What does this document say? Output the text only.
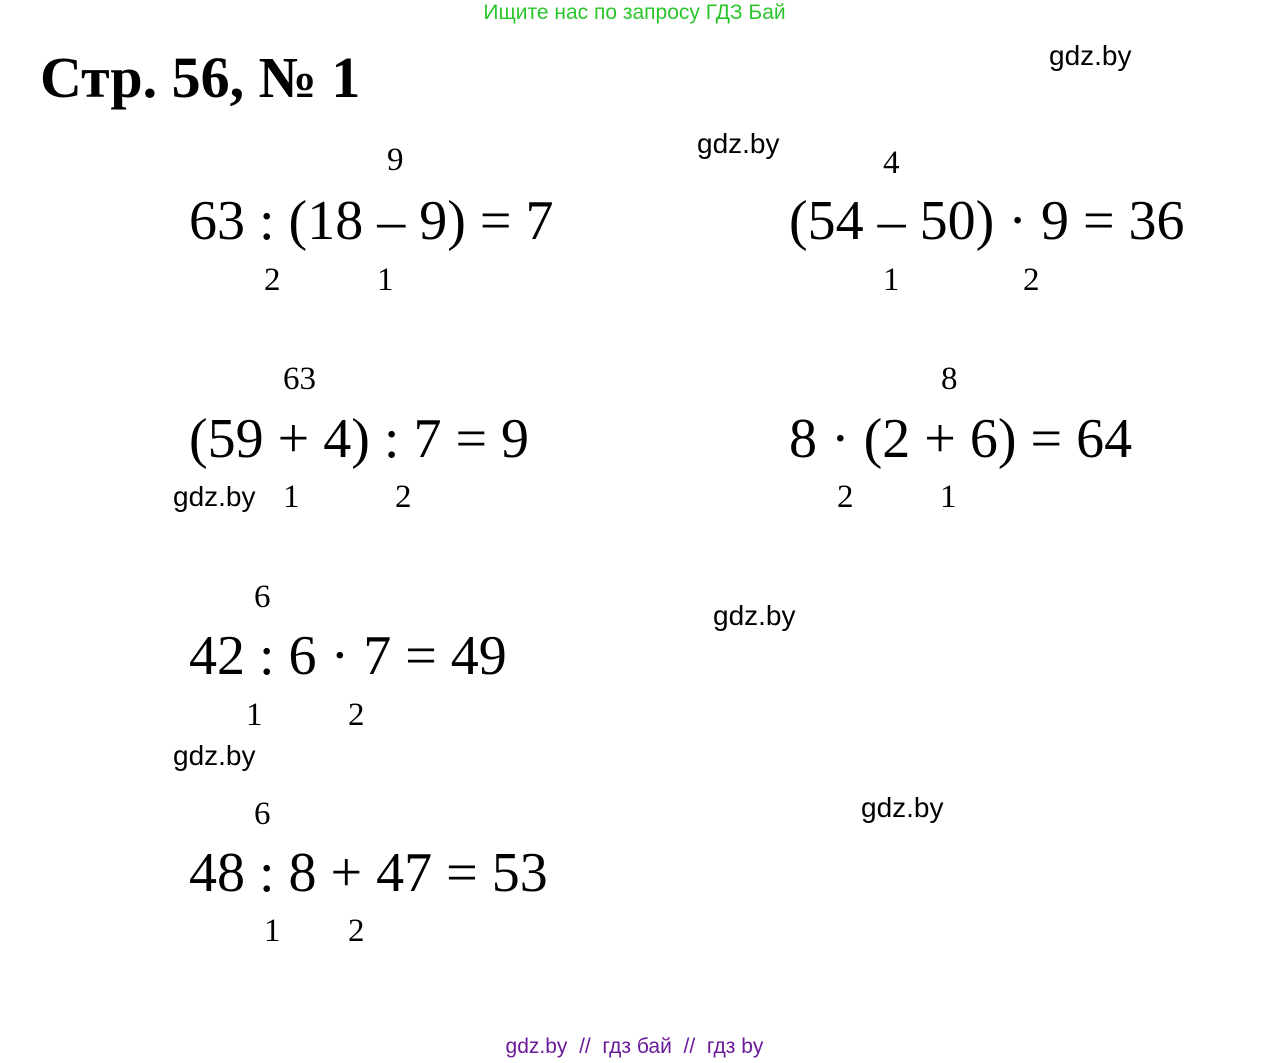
Ищите нас по запросу ГДЗ Бай
Стр. 56, № 1	gdz.by
gdz.by
gdz.by
gdz.by
gdz.by
gdz.by
9
63 : (18 – 9) = 7
2	1
4
(54 – 50) · 9 = 36
1	2
63
(59 + 4) : 7 = 9
1	2
8
8 · (2 + 6) = 64
2	1
6
42 : 6 · 7 = 49
1	2
6
48 : 8 + 47 = 53
1 2
gdz.by  //  гдз бай  //  гдз by
